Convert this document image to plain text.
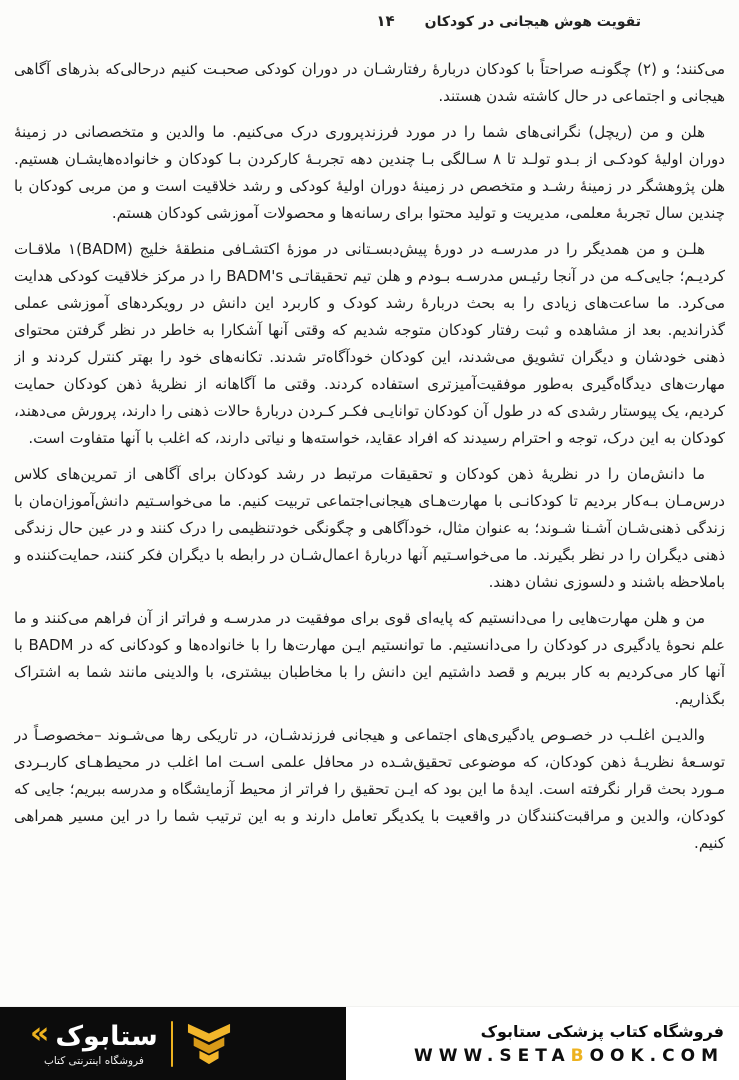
تقویت هوش هیجانی در کودکان
۱۴

می‌کنند؛ و (۲) چگونـه صراحتاً با کودکان دربارهٔ رفتارشـان در دوران کودکی صحبـت کنیم درحالی‌که بذرهای آگاهی هیجانی و اجتماعی در حال کاشته شدن هستند.

هلن و من (ریچل) نگرانی‌های شما را در مورد فرزندپروری درک می‌کنیم. ما والدین و متخصصانی در زمینهٔ دوران اولیهٔ کودکـی از بـدو تولـد تا ۸ سـالگی بـا چندین دهه تجربـهٔ کارکردن بـا کودکان و خانواده‌هایشـان هستیم. هلن پژوهشگر در زمینهٔ رشـد و متخصص در زمینهٔ دوران اولیهٔ کودکی و رشد خلاقیت است و من مربی کودکان با چندین سال تجربهٔ معلمی، مدیریت و تولید محتوا برای رسانه‌ها و محصولات آموزشی کودکان هستم.

هلـن و من همدیگر را در مدرسـه در دورهٔ پیش‌دبسـتانی در موزهٔ اکتشـافی منطقهٔ خلیج (BADM)۱ ملاقـات کردیـم؛ جایی‌کـه من در آنجا رئیـس مدرسـه بـودم و هلن تیم تحقیقاتـی BADM's را در مرکز خلاقیت کودکی هدایت می‌کرد. ما ساعت‌های زیادی را به بحث دربارهٔ رشد کودک و کاربرد این دانش در رویکردهای آموزشی عملی گذراندیم. بعد از مشاهده و ثبت رفتار کودکان متوجه شدیم که وقتی آنها آشکارا به خاطر در نظر گرفتن محتوای ذهنی خودشان و دیگران تشویق می‌شدند، این کودکان خودآگاه‌تر شدند. تکانه‌های خود را بهتر کنترل کردند و از مهارت‌های دیدگاه‌گیری به‌طور موفقیت‌آمیزتری استفاده کردند. وقتی ما آگاهانه از نظریهٔ ذهن کودکان حمایت کردیم، یک پیوستار رشدی که در طول آن کودکان توانایـی فکـر کـردن دربارهٔ حالات ذهنی را دارند، پرورش می‌دهند، کودکان به این درک، توجه و احترام رسیدند که افراد عقاید، خواسته‌ها و نیاتی دارند، که اغلب با آنها متفاوت است.

ما دانش‌مان را در نظریهٔ ذهن کودکان و تحقیقات مرتبط در رشد کودکان برای آگاهی از تمرین‌های کلاس درس‌مـان بـه‌کار بردیم تا کودکانـی با مهارت‌هـای هیجانی‌اجتماعی تربیت کنیم. ما می‌خواسـتیم دانش‌آموزان‌مان با زندگی ذهنی‌شـان آشـنا شـوند؛ به عنوان مثال، خودآگاهی و چگونگی خودتنظیمی را درک کنند و در عین حال زندگی ذهنی دیگران را در نظر بگیرند. ما می‌خواسـتیم آنها دربارهٔ اعمال‌شـان در رابطه با دیگران فکر کنند، حمایت‌کننده و باملاحظه باشند و دلسوزی نشان دهند.

من و هلن مهارت‌هایی را می‌دانستیم که پایه‌ای قوی برای موفقیت در مدرسـه و فراتر از آن فراهم می‌کنند و ما علم نحوهٔ یادگیری در کودکان را می‌دانستیم. ما توانستیم ایـن مهارت‌ها را با خانواده‌ها و کودکانی که در BADM با آنها کار می‌کردیم به کار ببریم و قصد داشتیم این دانش را با مخاطبان بیشتری، با والدینی مانند شما به اشتراک بگذاریم.

والدیـن اغلـب در خصـوص یادگیری‌های اجتماعی و هیجانی فرزندشـان، در تاریکی رها می‌شـوند –مخصوصـاً در توسـعهٔ نظریـهٔ ذهن کودکان، که موضوعی تحقیق‌شـده در محافل علمی اسـت اما اغلب در محیط‌هـای کاربـردی مـورد بحث قرار نگرفته است. ایدهٔ ما این بود که ایـن تحقیق را فراتر از محیط آزمایشگاه و مدرسه ببریم؛ جایی که کودکان، والدین و مراقبت‌کنندگان در واقعیت با یکدیگر تعامل دارند و به این ترتیب شما را در این مسیر همراهی کنیم.

« ستابوک
فروشگاه اینترنتی کتاب
فروشگاه کتاب پزشکی ستابوک
WWW.SETABOOK.COM
